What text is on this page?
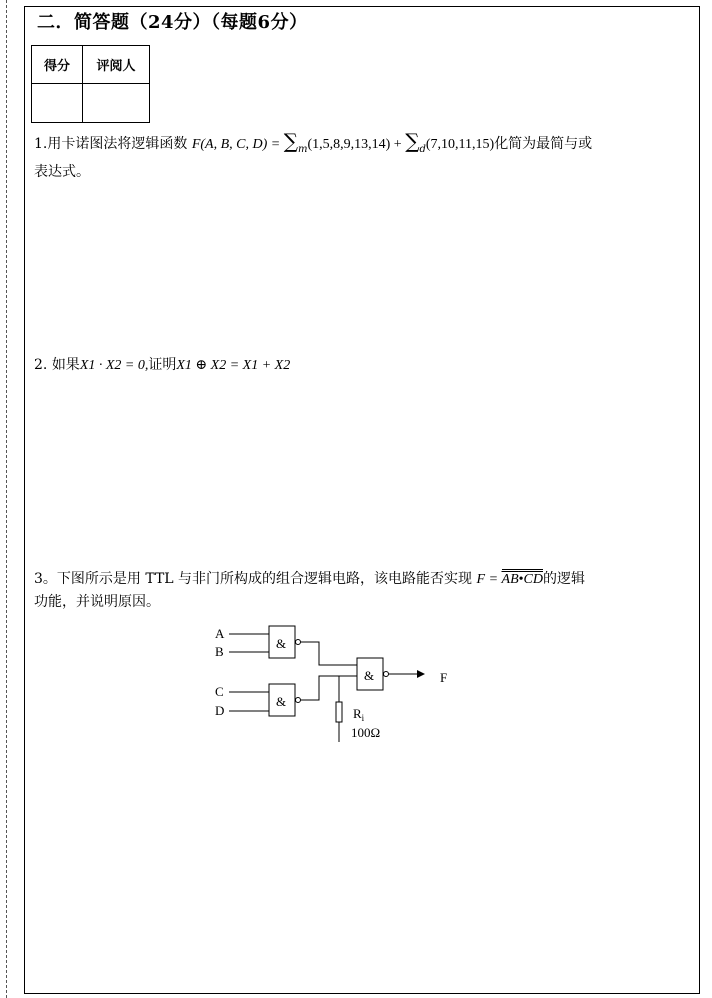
二．简答题（24分）（每题6分）
得分	评阅人

1.用卡诺图法将逻辑函数 F(A, B, C, $D) = \sum_m(1,5,8,9,13,14) + \sum_d(7,10,11,15)$化简为最简与或
表达式。
2. 如果X1 · X2 = 0,证明X1 ⊕ X2 = X1 + X2
3。下图所示是用 TTL 与非门所构成的组合逻辑电路，该电路能否实现 F = AB•CD的逻辑
功能，并说明原因。
A
B
C
D
&
&
&	F
$R_i$
100Ω
